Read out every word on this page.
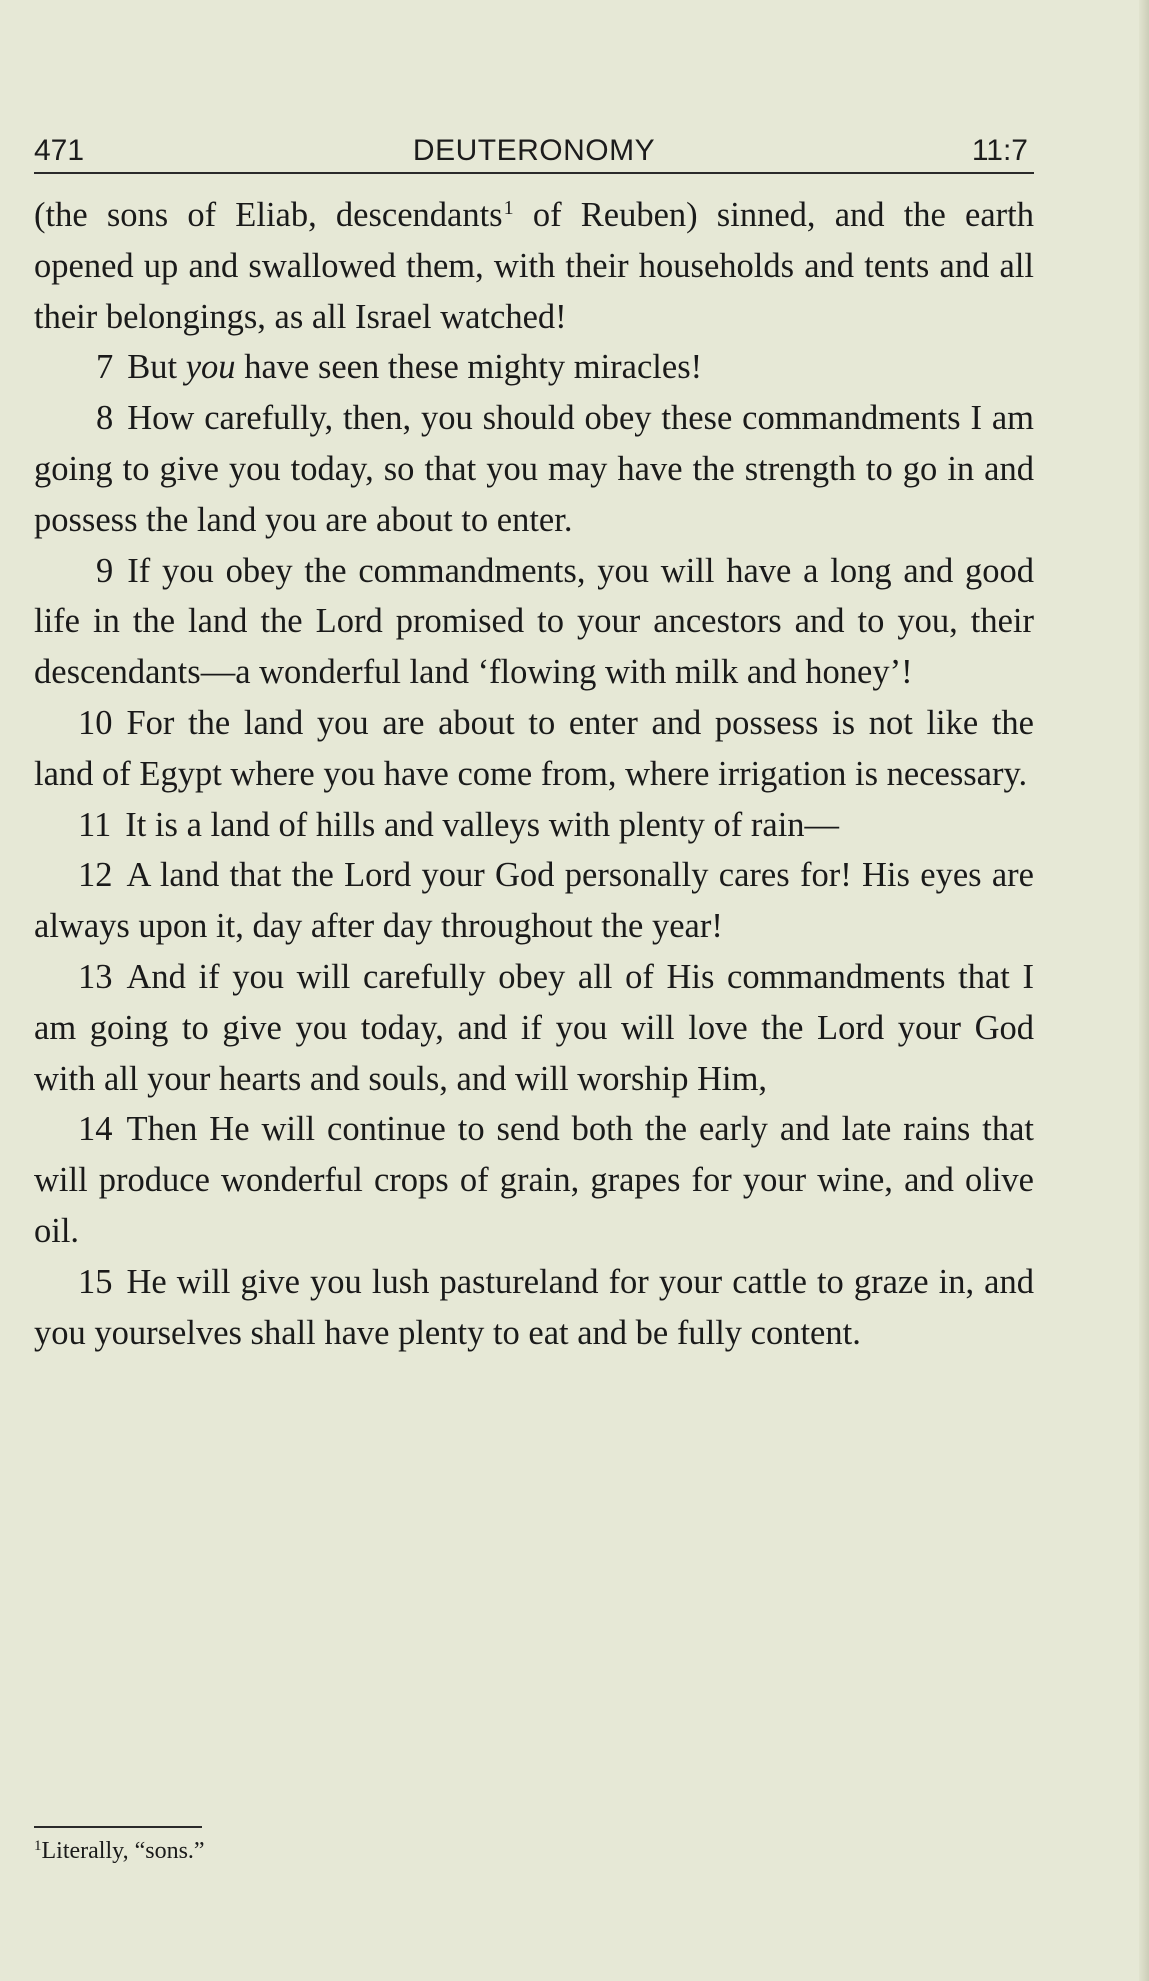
471	DEUTERONOMY	11:7

(the sons of Eliab, descendants$^1$ of Reuben) sinned, and the earth opened up and swallowed them, with their households and tents and all their belongings, as all Israel watched!

7 But you have seen these mighty miracles!

8 How carefully, then, you should obey these commandments I am going to give you today, so that you may have the strength to go in and possess the land you are about to enter.

9 If you obey the commandments, you will have a long and good life in the land the Lord promised to your ancestors and to you, their descendants—a wonderful land ‘flowing with milk and honey’!

10 For the land you are about to enter and possess is not like the land of Egypt where you have come from, where irrigation is necessary.

11 It is a land of hills and valleys with plenty of rain—

12 A land that the Lord your God personally cares for! His eyes are always upon it, day after day throughout the year!

13 And if you will carefully obey all of His commandments that I am going to give you today, and if you will love the Lord your God with all your hearts and souls, and will worship Him,

14 Then He will continue to send both the early and late rains that will produce wonderful crops of grain, grapes for your wine, and olive oil.

15 He will give you lush pastureland for your cattle to graze in, and you yourselves shall have plenty to eat and be fully content.

$^1$Literally, “sons.”
